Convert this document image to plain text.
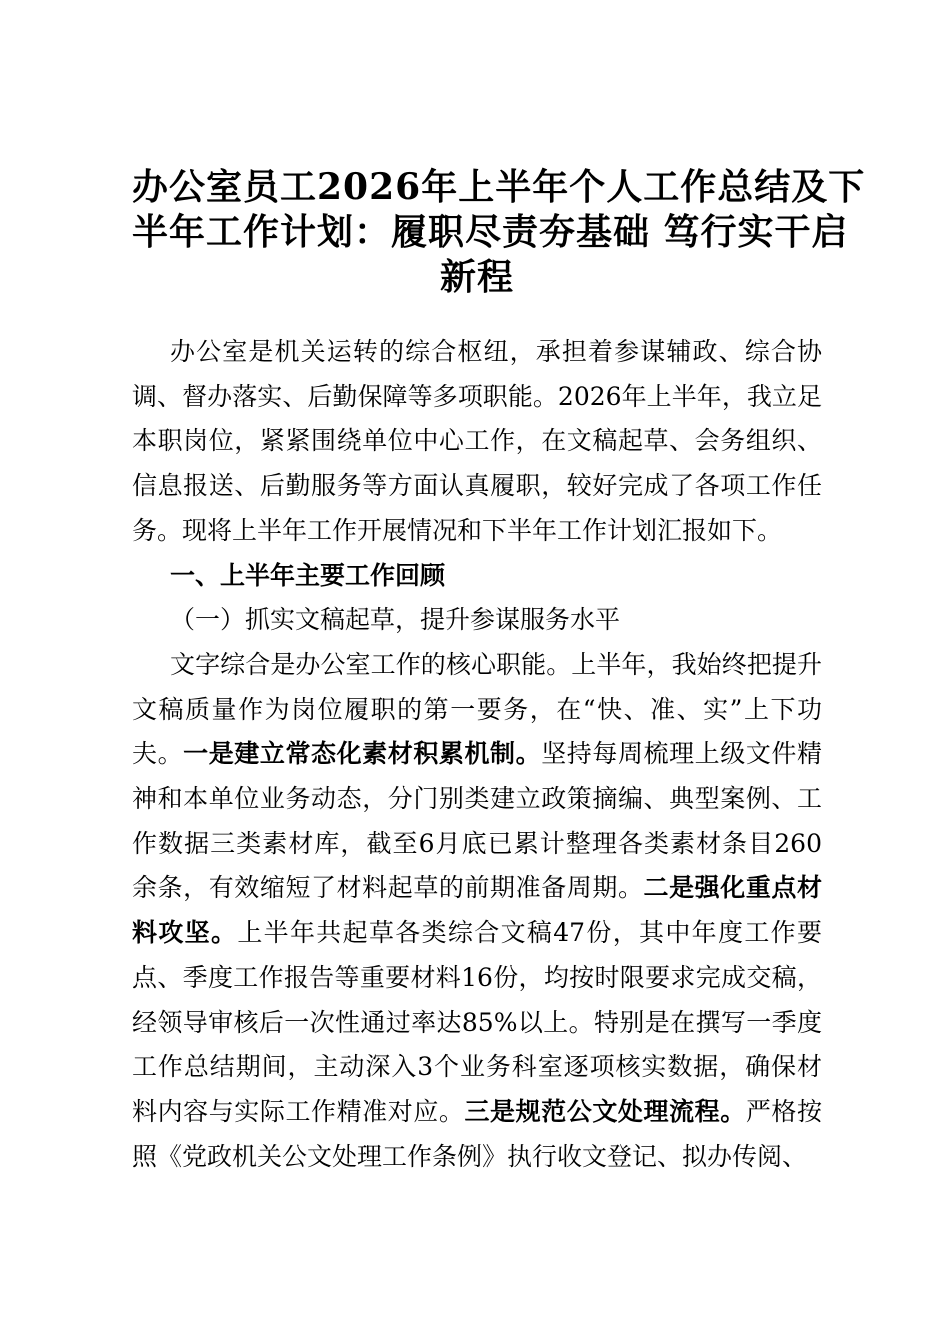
办公室员工2026年上半年个人工作总结及下
半年工作计划：履职尽责夯基础 笃行实干启
新程
办公室是机关运转的综合枢纽，承担着参谋辅政、综合协
调、督办落实、后勤保障等多项职能。2026年上半年，我立足
本职岗位，紧紧围绕单位中心工作，在文稿起草、会务组织、
信息报送、后勤服务等方面认真履职，较好完成了各项工作任
务。现将上半年工作开展情况和下半年工作计划汇报如下。
一、上半年主要工作回顾
（一）抓实文稿起草，提升参谋服务水平
文字综合是办公室工作的核心职能。上半年，我始终把提升
文稿质量作为岗位履职的第一要务，在“快、准、实”上下功
夫。一是建立常态化素材积累机制。坚持每周梳理上级文件精
神和本单位业务动态，分门别类建立政策摘编、典型案例、工
作数据三类素材库，截至6月底已累计整理各类素材条目260
余条，有效缩短了材料起草的前期准备周期。二是强化重点材
料攻坚。上半年共起草各类综合文稿47份，其中年度工作要
点、季度工作报告等重要材料16份，均按时限要求完成交稿，
经领导审核后一次性通过率达85%以上。特别是在撰写一季度
工作总结期间，主动深入3个业务科室逐项核实数据，确保材
料内容与实际工作精准对应。三是规范公文处理流程。严格按
照《党政机关公文处理工作条例》执行收文登记、拟办传阅、
